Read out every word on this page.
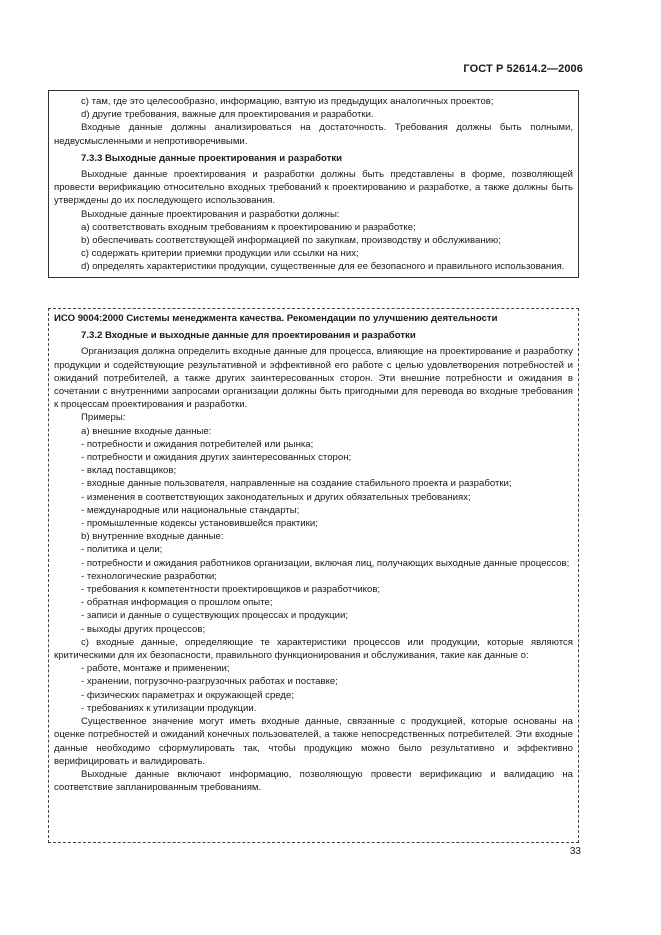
ГОСТ Р 52614.2—2006

с) там, где это целесообразно, информацию, взятую из предыдущих аналогичных проектов;

d) другие требования, важные для проектирования и разработки.

Входные данные должны анализироваться на достаточность. Требования должны быть полными, недвусмысленными и непротиворечивыми.

7.3.3 Выходные данные проектирования и разработки

Выходные данные проектирования и разработки должны быть представлены в форме, позволяющей провести верификацию относительно входных требований к проектированию и разработке, а также должны быть утверждены до их последующего использования.

Выходные данные проектирования и разработки должны:

а) соответствовать входным требованиям к проектированию и разработке;

b) обеспечивать соответствующей информацией по закупкам, производству и обслуживанию;

с) содержать критерии приемки продукции или ссылки на них;

d) определять характеристики продукции, существенные для ее безопасного и правильного использования.

ИСО 9004:2000 Системы менеджмента качества. Рекомендации по улучшению деятельности

7.3.2 Входные и выходные данные для проектирования и разработки

Организация должна определить входные данные для процесса, влияющие на проектирование и разработку продукции и содействующие результативной и эффективной его работе с целью удовлетворения потребностей и ожиданий потребителей, а также других заинтересованных сторон. Эти внешние потребности и ожидания в сочетании с внутренними запросами организации должны быть пригодными для перевода во входные требования к процессам проектирования и разработки.

Примеры:

а) внешние входные данные:

- потребности и ожидания потребителей или рынка;

- потребности и ожидания других заинтересованных сторон;

- вклад поставщиков;

- входные данные пользователя, направленные на создание стабильного проекта и разработки;

- изменения в соответствующих законодательных и других обязательных требованиях;

- международные или национальные стандарты;

- промышленные кодексы установившейся практики;

b) внутренние входные данные:

- политика и цели;

- потребности и ожидания работников организации, включая лиц, получающих выходные данные процессов;

- технологические разработки;

- требования к компетентности проектировщиков и разработчиков;

- обратная информация о прошлом опыте;

- записи и данные о существующих процессах и продукции;

- выходы других процессов;

с) входные данные, определяющие те характеристики процессов или продукции, которые являются критическими для их безопасности, правильного функционирования и обслуживания, такие как данные о:

- работе, монтаже и применении;

- хранении, погрузочно-разгрузочных работах и поставке;

- физических параметрах и окружающей среде;

- требованиях к утилизации продукции.

Существенное значение могут иметь входные данные, связанные с продукцией, которые основаны на оценке потребностей и ожиданий конечных пользователей, а также непосредственных потребителей. Эти входные данные необходимо сформулировать так, чтобы продукцию можно было результативно и эффективно верифицировать и валидировать.

Выходные данные включают информацию, позволяющую провести верификацию и валидацию на соответствие запланированным требованиям.

33
